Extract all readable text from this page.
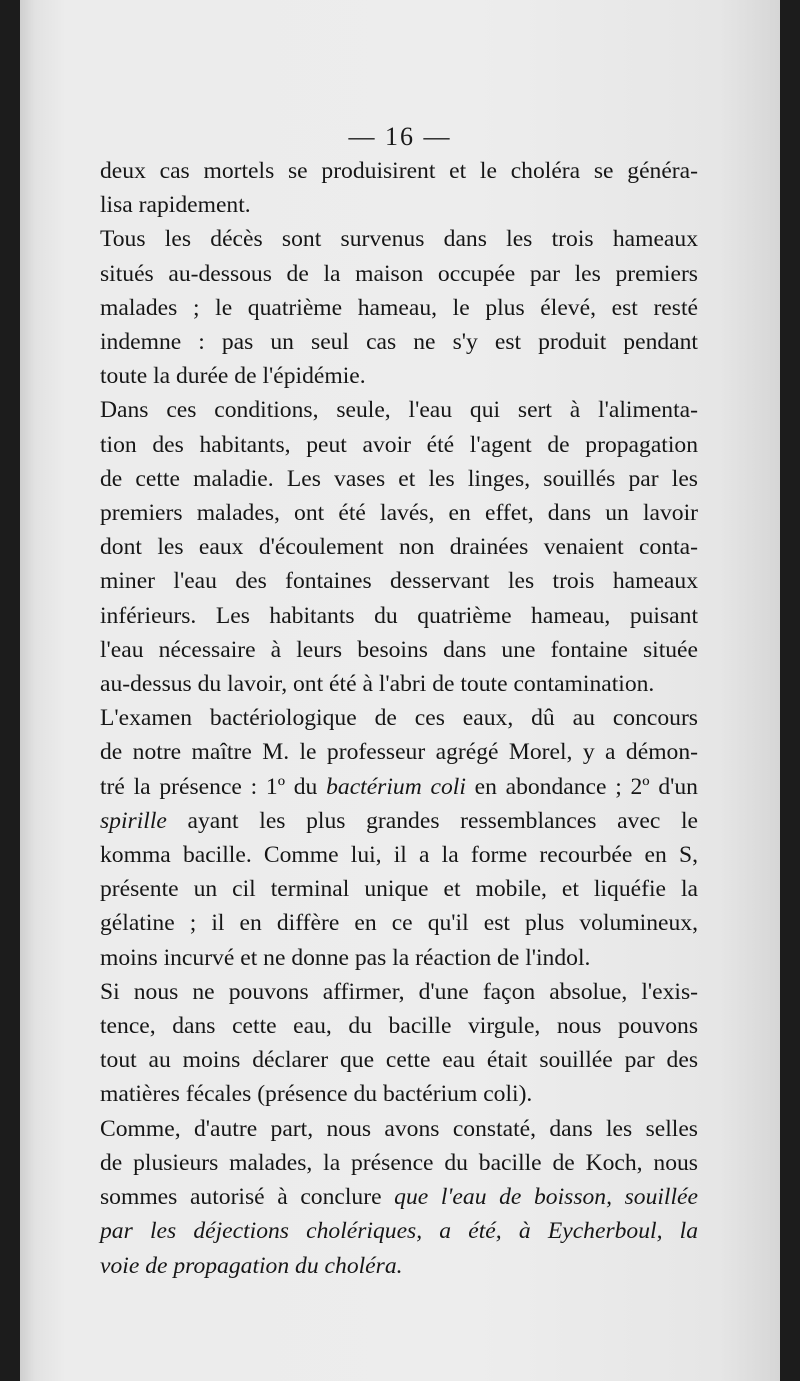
— 16 —
deux cas mortels se produisirent et le choléra se généra-
lisa rapidement.
Tous les décès sont survenus dans les trois hameaux
situés au-dessous de la maison occupée par les premiers
malades ; le quatrième hameau, le plus élevé, est resté
indemne : pas un seul cas ne s'y est produit pendant
toute la durée de l'épidémie.
Dans ces conditions, seule, l'eau qui sert à l'alimenta-
tion des habitants, peut avoir été l'agent de propagation
de cette maladie. Les vases et les linges, souillés par les
premiers malades, ont été lavés, en effet, dans un lavoir
dont les eaux d'écoulement non drainées venaient conta-
miner l'eau des fontaines desservant les trois hameaux
inférieurs. Les habitants du quatrième hameau, puisant
l'eau nécessaire à leurs besoins dans une fontaine située
au-dessus du lavoir, ont été à l'abri de toute contamination.
L'examen bactériologique de ces eaux, dû au concours
de notre maître M. le professeur agrégé Morel, y a démon-
tré la présence : 1º du bactérium coli en abondance ; 2º d'un
spirille ayant les plus grandes ressemblances avec le
komma bacille. Comme lui, il a la forme recourbée en S,
présente un cil terminal unique et mobile, et liquéfie la
gélatine ; il en diffère en ce qu'il est plus volumineux,
moins incurvé et ne donne pas la réaction de l'indol.
Si nous ne pouvons affirmer, d'une façon absolue, l'exis-
tence, dans cette eau, du bacille virgule, nous pouvons
tout au moins déclarer que cette eau était souillée par des
matières fécales (présence du bactérium coli).
Comme, d'autre part, nous avons constaté, dans les selles
de plusieurs malades, la présence du bacille de Koch, nous
sommes autorisé à conclure que l'eau de boisson, souillée
par les déjections cholériques, a été, à Eycherboul, la
voie de propagation du choléra.
